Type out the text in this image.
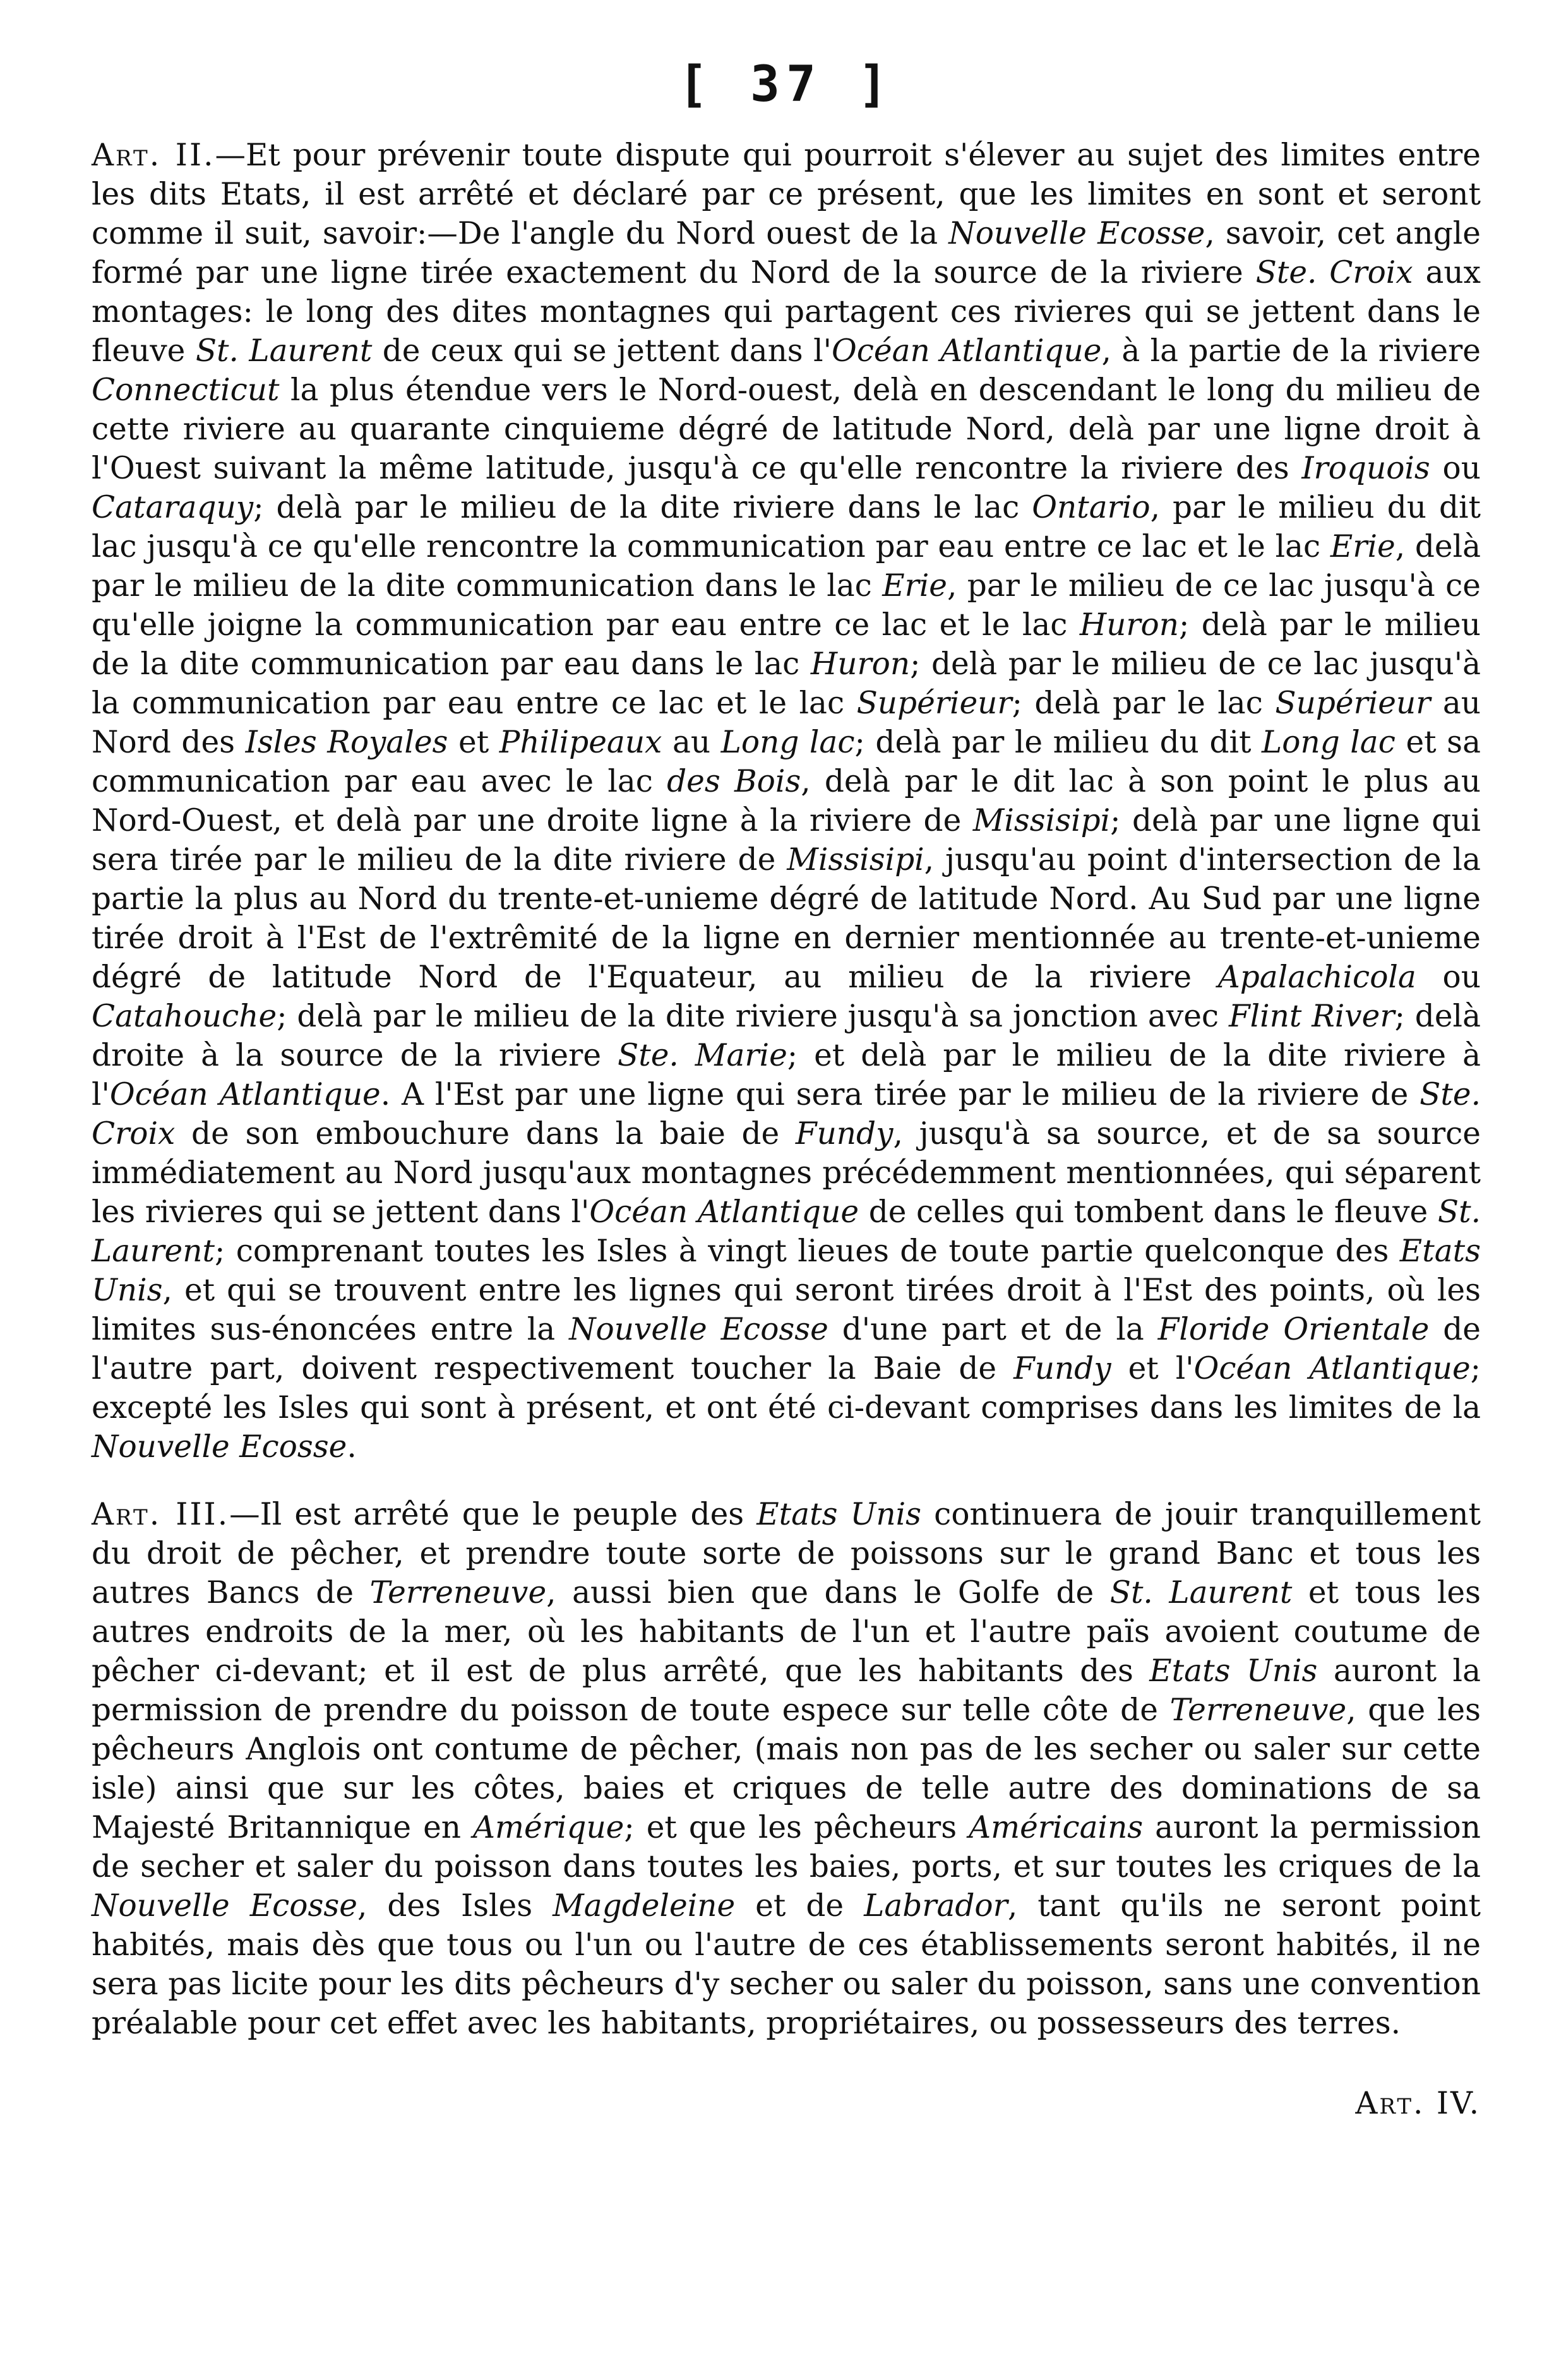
[ 37 ]

Art. II.—Et pour prévenir toute dispute qui pourroit s'élever au sujet des limites entre les dits Etats, il est arrêté et déclaré par ce présent, que les limites en sont et seront comme il suit, savoir:—De l'angle du Nord ouest de la Nouvelle Ecosse, savoir, cet angle formé par une ligne tirée exactement du Nord de la source de la riviere Ste. Croix aux montages: le long des dites montagnes qui partagent ces rivieres qui se jettent dans le fleuve St. Laurent de ceux qui se jettent dans l'Océan Atlantique, à la partie de la riviere Connecticut la plus étendue vers le Nord-ouest, delà en descendant le long du milieu de cette riviere au quarante cinquieme dégré de latitude Nord, delà par une ligne droit à l'Ouest suivant la même latitude, jusqu'à ce qu'elle rencontre la riviere des Iroquois ou Cataraquy; delà par le milieu de la dite riviere dans le lac Ontario, par le milieu du dit lac jusqu'à ce qu'elle rencontre la communication par eau entre ce lac et le lac Erie, delà par le milieu de la dite communication dans le lac Erie, par le milieu de ce lac jusqu'à ce qu'elle joigne la communication par eau entre ce lac et le lac Huron; delà par le milieu de la dite communication par eau dans le lac Huron; delà par le milieu de ce lac jusqu'à la communication par eau entre ce lac et le lac Supérieur; delà par le lac Supérieur au Nord des Isles Royales et Philipeaux au Long lac; delà par le milieu du dit Long lac et sa communication par eau avec le lac des Bois, delà par le dit lac à son point le plus au Nord-Ouest, et delà par une droite ligne à la riviere de Missisipi; delà par une ligne qui sera tirée par le milieu de la dite riviere de Missisipi, jusqu'au point d'intersection de la partie la plus au Nord du trente-et-unieme dégré de latitude Nord. Au Sud par une ligne tirée droit à l'Est de l'extrêmité de la ligne en dernier mentionnée au trente-et-unieme dégré de latitude Nord de l'Equateur, au milieu de la riviere Apalachicola ou Catahouche; delà par le milieu de la dite riviere jusqu'à sa jonction avec Flint River; delà droite à la source de la riviere Ste. Marie; et delà par le milieu de la dite riviere à l'Océan Atlantique. A l'Est par une ligne qui sera tirée par le milieu de la riviere de Ste. Croix de son embouchure dans la baie de Fundy, jusqu'à sa source, et de sa source immédiatement au Nord jusqu'aux montagnes précédemment mentionnées, qui séparent les rivieres qui se jettent dans l'Océan Atlantique de celles qui tombent dans le fleuve St. Laurent; comprenant toutes les Isles à vingt lieues de toute partie quelconque des Etats Unis, et qui se trouvent entre les lignes qui seront tirées droit à l'Est des points, où les limites sus-énoncées entre la Nouvelle Ecosse d'une part et de la Floride Orientale de l'autre part, doivent respectivement toucher la Baie de Fundy et l'Océan Atlantique; excepté les Isles qui sont à présent, et ont été ci-devant comprises dans les limites de la Nouvelle Ecosse.

Art. III.—Il est arrêté que le peuple des Etats Unis continuera de jouir tranquillement du droit de pêcher, et prendre toute sorte de poissons sur le grand Banc et tous les autres Bancs de Terreneuve, aussi bien que dans le Golfe de St. Laurent et tous les autres endroits de la mer, où les habitants de l'un et l'autre païs avoient coutume de pêcher ci-devant; et il est de plus arrêté, que les habitants des Etats Unis auront la permission de prendre du poisson de toute espece sur telle côte de Terreneuve, que les pêcheurs Anglois ont contume de pêcher, (mais non pas de les secher ou saler sur cette isle) ainsi que sur les côtes, baies et criques de telle autre des dominations de sa Majesté Britannique en Amérique; et que les pêcheurs Américains auront la permission de secher et saler du poisson dans toutes les baies, ports, et sur toutes les criques de la Nouvelle Ecosse, des Isles Magdeleine et de Labrador, tant qu'ils ne seront point habités, mais dès que tous ou l'un ou l'autre de ces établissements seront habités, il ne sera pas licite pour les dits pêcheurs d'y secher ou saler du poisson, sans une convention préalable pour cet effet avec les habitants, propriétaires, ou possesseurs des terres.

Art. IV.
